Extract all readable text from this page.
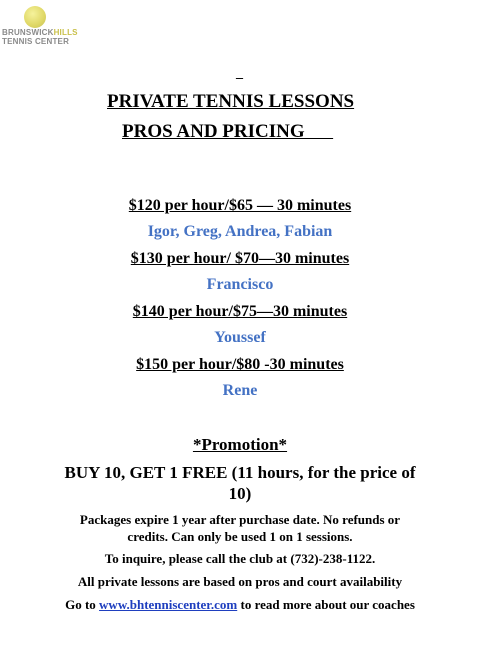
BRUNSWICKHILLS
TENNIS CENTER
_
PRIVATE TENNIS LESSONS
PROS AND PRICING
$120 per hour/$65 — 30 minutes
Igor, Greg, Andrea, Fabian
$130 per hour/ $70—30 minutes
Francisco
$140 per hour/$75—30 minutes
Youssef
$150 per hour/$80 -30 minutes
Rene
*Promotion*
BUY 10, GET 1 FREE (11 hours, for the price of 10)
Packages expire 1 year after purchase date. No refunds or credits. Can only be used 1 on 1 sessions.
To inquire, please call the club at (732)-238-1122.
All private lessons are based on pros and court availability
Go to www.bhtenniscenter.com to read more about our coaches
